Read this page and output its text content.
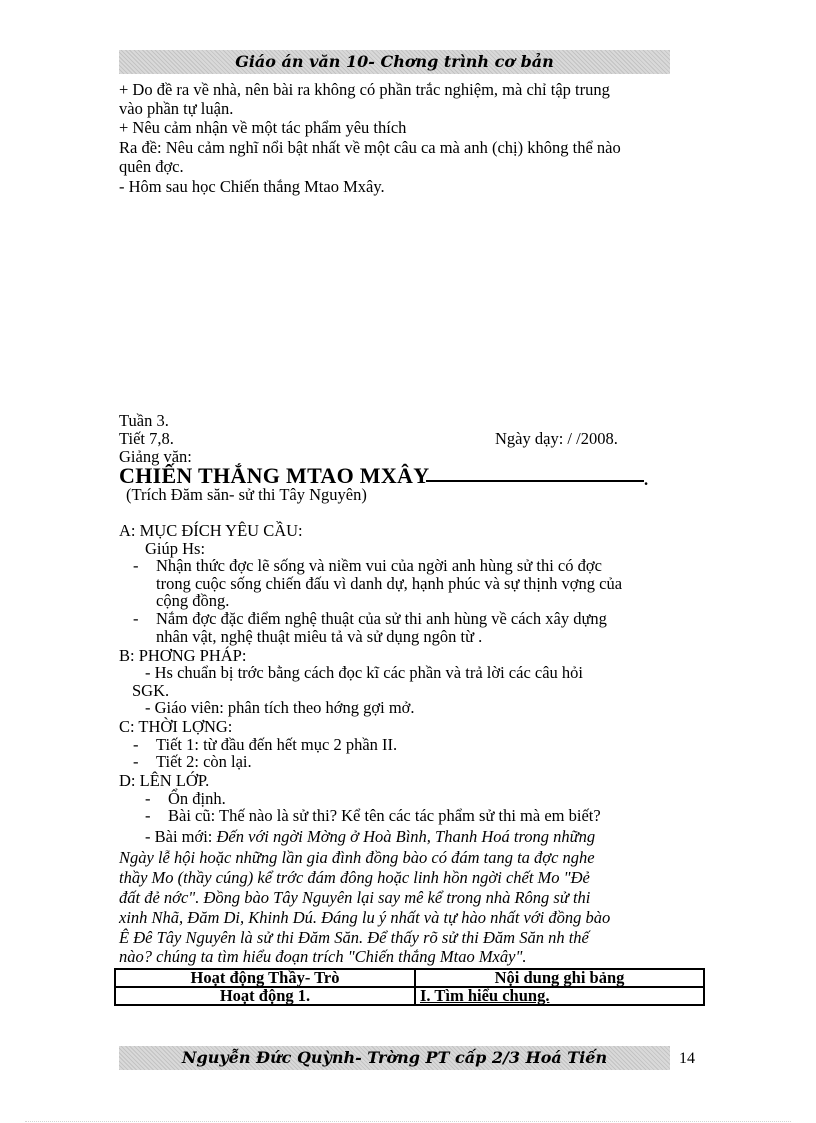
Giáo án văn 10- Chơng trình cơ bản
+ Do đề ra về nhà, nên bài ra không có phần trắc nghiệm, mà chỉ tập trung
vào phần tự luận.
+ Nêu cảm nhận về một tác phẩm yêu thích
Ra đề: Nêu cảm nghĩ nổi bật nhất về một câu ca mà anh (chị) không thể nào
quên đợc.
- Hôm sau học Chiến thắng Mtao Mxây.
Tuần 3.
Tiết 7,8.	Ngày dạy: / /2008.
Giảng văn:
CHIẾN THẮNG MTAO MXÂY	.
(Trích Đăm săn- sử thi Tây Nguyên)
A: MỤC ĐÍCH YÊU CẦU:
Giúp Hs:
- Nhận thức đợc lẽ sống và niềm vui của ngời anh hùng sử thi có đợc
trong cuộc sống chiến đấu vì danh dự, hạnh phúc và sự thịnh vợng của
cộng đồng.
- Nắm đợc đặc điểm nghệ thuật của sử thi anh hùng về cách xây dựng
nhân vật, nghệ thuật miêu tả và sử dụng ngôn từ .
B: PHƠNG PHÁP:
- Hs chuẩn bị trớc bằng cách đọc kĩ các phần và trả lời các câu hỏi
SGK.
- Giáo viên: phân tích theo hớng gợi mở.
C: THỜI LỢNG:
- Tiết 1: từ đầu đến hết mục 2 phần II.
- Tiết 2: còn lại.
D: LÊN LỚP.
- Ổn định.
- Bài cũ: Thế nào là sử thi? Kể tên các tác phẩm sử thi mà em biết?
- Bài mới: Đến với ngời Mờng ở Hoà Bình, Thanh Hoá trong những
Ngày lễ hội hoặc những lần gia đình đồng bào có đám tang ta đợc nghe
thầy Mo (thầy cúng) kể trớc đám đông hoặc linh hồn ngời chết Mo "Đẻ
đất đẻ nớc". Đồng bào Tây Nguyên lại say mê kể trong nhà Rông sử thi
xinh Nhã, Đăm Di, Khinh Dú. Đáng lu ý nhất và tự hào nhất với đồng bào
Ê Đê Tây Nguyên là sử thi Đăm Săn. Để thấy rõ sử thi Đăm Săn nh thế
nào? chúng ta tìm hiểu đoạn trích "Chiến thắng Mtao Mxây".
Hoạt động Thầy- Trò	Nội dung ghi bảng
Hoạt động 1.	I. Tìm hiểu chung.
Nguyễn Đức Quỳnh- Trờng PT cấp 2/3 Hoá Tiến	14
